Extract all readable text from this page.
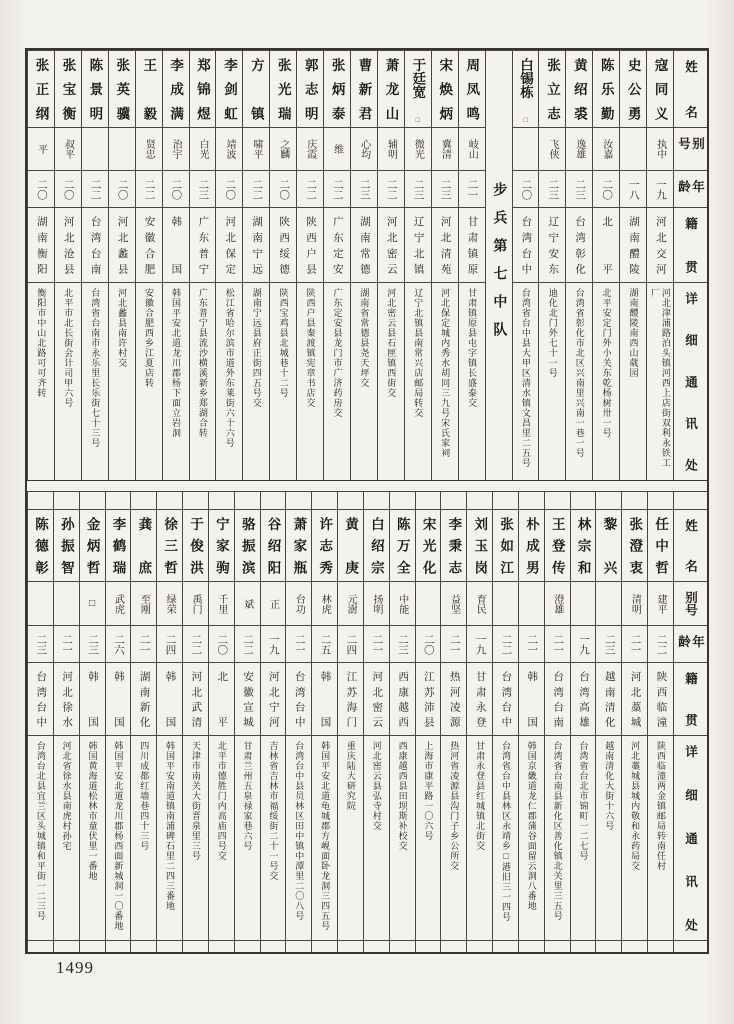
姓名
别号
年龄
籍贯
详细通讯处
寇同义
执中
一九
河北交河
河北津浦路泊头镇河西上店街双利永铁工厂
史公勇
一八
湖南醴陵
湖南醴陵南西山葳园
陈乐勤
汝嘉
二〇
北平
北平安定门外小关东乾杨树卅一号
黄绍裘
逸雄
二三
台湾彰化
台湾省彰化市北区兴南里兴南一巷一号
张立志
飞侠
二三
辽宁安东
迪化北门外七十一号
白锡栋
□
二〇
台湾台中
台湾省台中县大甲区清水镇文昌里二五号
步兵第七中队
周凤鸣
岐山
二一
甘肃镇原
甘肃镇原县屯字镇长盛泰交
宋焕炳
冀清
二三
河北清苑
河北保定城内秀水胡同三九号宋氏家祠
于廷宽
□
微光
二三
辽宁北镇
辽宁北镇县南常兴店邮局转交
萧龙山
辅明
二二
河北密云
河北密云县石匣镇西街交
曹新君
心均
二三
湖南常德
湖南省常德县尧天坪交
张炳泰
维
二二
广东定安
广东定安县龙门市广济药房交
郭志明
庆霞
二二
陕西户县
陕西户县秦渡镇宪章书店交
张光瑞
之麟
二〇
陕西绥德
陕西宝鸡县北城巷十二号
方镇
啸平
二二
湖南宁远
湖南宁远县府正街四五号交
李剑虹
靖波
二〇
河北保定
松江省哈尔滨市道外东莱街六十六号
郑锦煜
白光
二三
广东普宁
广东普宁县流沙横溪新乡郑湖合转
李成满
治宇
二〇
韩国
韩国平安北道龙川郡杨下面立岩洞
王毅
贤忠
二二
安徽合肥
安徽合肥西乡江夏店转
张英骥
二〇
河北蠡县
河北蠡县南许村交
陈景明
二二
台湾台南
台湾省台南市永乐里长乐街七十三号
张宝衡
叔平
二〇
河北沧县
北平市北长街会计司甲六号
张正纲
平
二〇
湖南衡阳
衡阳市中山北路可可齐转
姓名
别号
年龄
籍贯
详细通讯处
任中哲
建平
二二
陕西临潼
陕西临潼两金镇邮局转南任村
张澄衷
清明
二一
河北藁城
河北藁城县城内敬和永药局交
黎兴
二三
越南清化
越南清化大街十六号
林宗和
一九
台湾高雄
台湾省台北市锦町一二七号
王登传
澄雄
二一
台湾台南
台湾省台南县新化区善化镇北关里三五号
朴成男
二一
韩国
韩国京畿道龙仁郡蒲谷面留云洞八番地
张如江
二二
台湾台中
台湾省台中县林区永靖乡□港旧三一四号
刘玉岗
育民
一九
甘肃永登
甘肃永登县红城镇北街交
李秉志
益坚
二一
热河凌源
热河省凌源县沟门子乡公所交
宋光化
二〇
江苏沛县
上海市康平路一〇六号
陈万全
中能
二三
西康越西
西康越西县田坝斯补校交
白绍宗
扬明
二一
河北密云
河北密云县弘寺村交
黄庚
元澍
二四
江苏海门
重庆陆大研究院
许志秀
林虎
二五
韩国
韩国平安北道龟城郡方岘面卧龙洞三四五号
萧家瓶
台功
二一
台湾台中
台湾台中县员林区田中镇中潭里二〇八号
谷绍阳
正
一九
河北宁河
吉林省吉林市福绥街二十一号交
骆振滨
斌
二二
安徽宣城
甘肃兰州五泉禄家巷六号
宁家驹
千里
二〇
北平
北平市德胜门内高庙四号交
于俊洪
禹门
二二
河北武清
天津市南关大街晋泉里三号
徐三哲
绿荣
二四
韩国
韩国平安南道镇南浦碑石里二四三番地
龚庶
至刚
二一
湖南新化
四川成都红墙巷四十三号
李鹤瑞
武虎
二六
韩国
韩国平安北道龙川郡杨西面新城洞一〇番地
金炳哲
□
二三
韩国
韩国黄海道松林市童伏里一番地
孙振智
二一
河北徐水
河北省徐水县南虎村孙宅
陈德彰
二三
台湾台中
台湾台北县宜兰区头城镇和平街一二三号
1499
